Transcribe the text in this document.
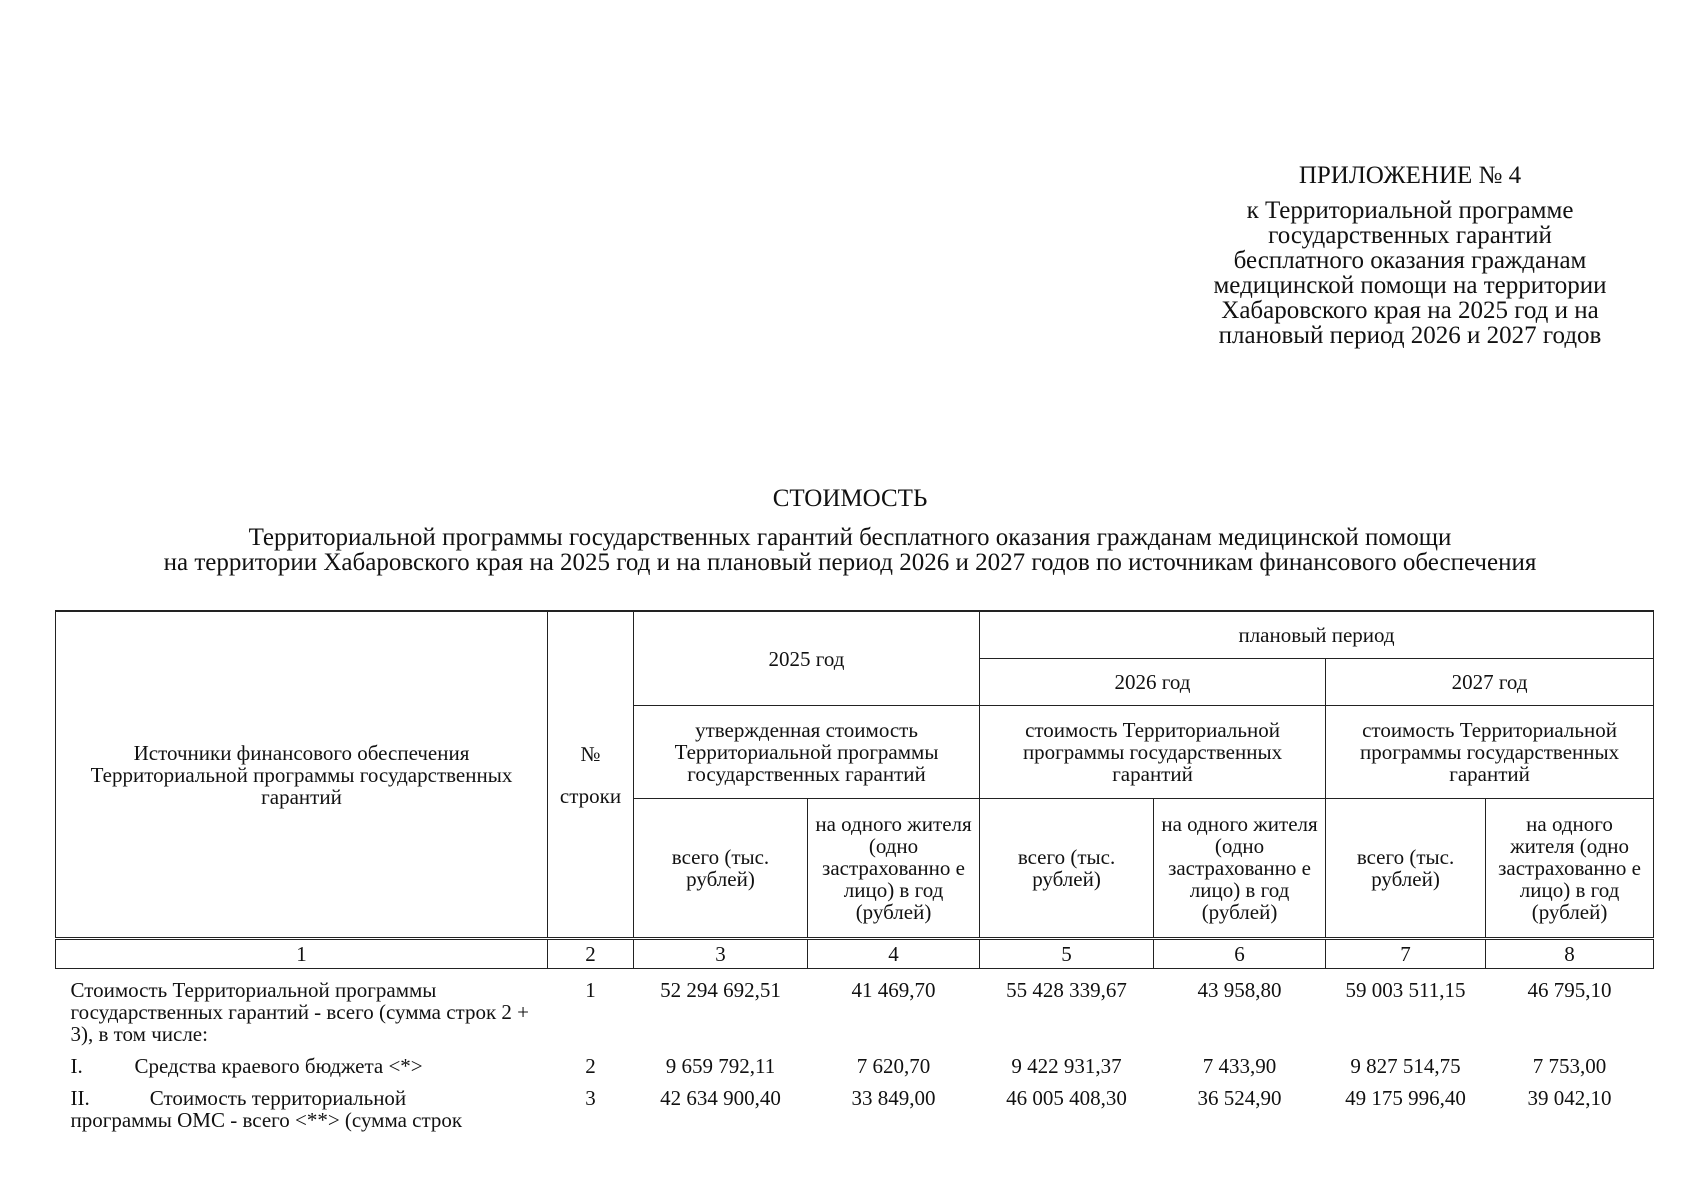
ПРИЛОЖЕНИЕ № 4
к Территориальной программе
государственных гарантий
бесплатного оказания гражданам
медицинской помощи на территории
Хабаровского края на 2025 год и на
плановый период 2026 и 2027 годов
СТОИМОСТЬ
Территориальной программы государственных гарантий бесплатного оказания гражданам медицинской помощи
на территории Хабаровского края на 2025 год и на плановый период 2026 и 2027 годов по источникам финансового обеспечения
Источники финансового обеспечения Территориальной программы государственных гарантий	№
строки	2025 год		плановый период			
				2026 год		2027 год	
		утвержденная стоимость Территориальной программы государственных гарантий		стоимость Территориальной программы государственных гарантий		стоимость Территориальной программы государственных гарантий	
		всего (тыс. рублей)	на одного жителя (одно застрахованно е лицо) в год (рублей)	всего (тыс. рублей)	на одного жителя (одно застрахованно е лицо) в год (рублей)	всего (тыс. рублей)	на одного жителя (одно застрахованно е лицо) в год (рублей)
1	2	3	4	5	6	7	8
Стоимость Территориальной программы государственных гарантий - всего (сумма строк 2 + 3), в том числе:	1	52 294 692,51	41 469,70	55 428 339,67	43 958,80	59 003 511,15	46 795,10
I. Средства краевого бюджета <*>	2	9 659 792,11	7 620,70	9 422 931,37	7 433,90	9 827 514,75	7 753,00

II. Стоимость территориальной
программы ОМС - всего <**> (сумма строк	3	42 634 900,40	33 849,00	46 005 408,30	36 524,90	49 175 996,40	39 042,10
